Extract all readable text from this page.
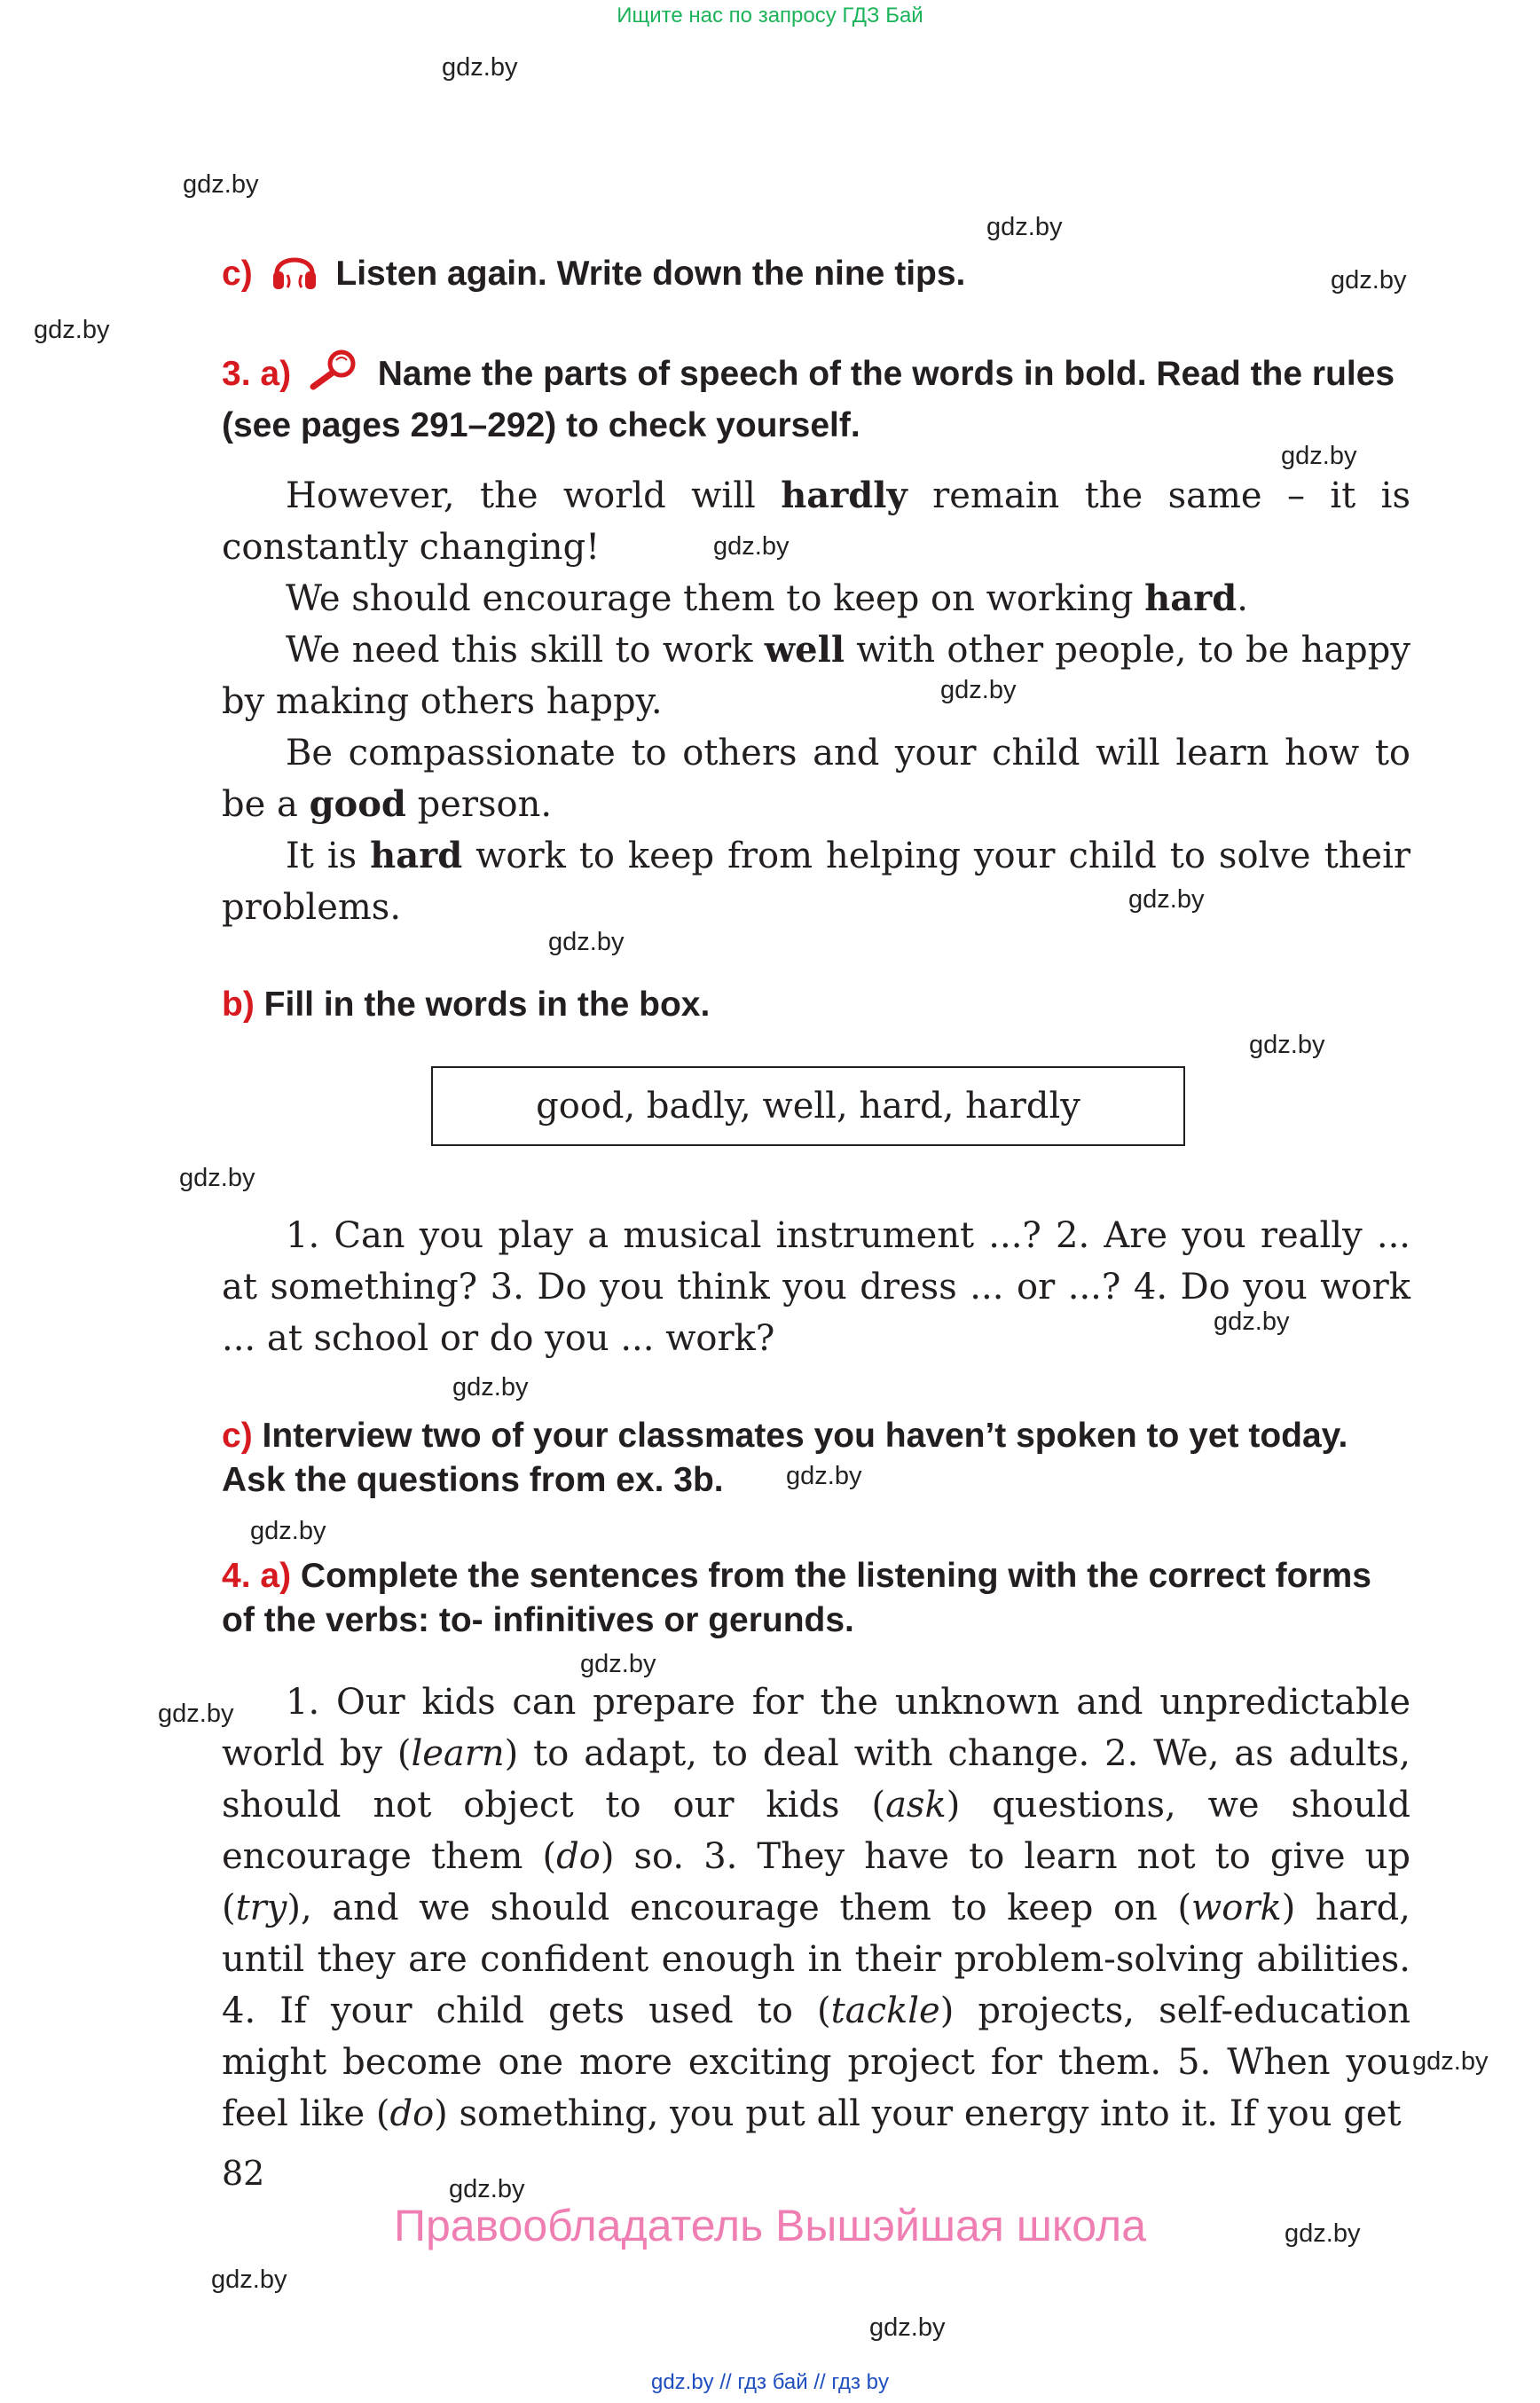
Ищите нас по запросу ГДЗ Бай
gdz.by
gdz.by
gdz.by
gdz.by
gdz.by
gdz.by
gdz.by
gdz.by
gdz.by
gdz.by
gdz.by
gdz.by
gdz.by
gdz.by
gdz.by
gdz.by
gdz.by
gdz.by
gdz.by
gdz.by
gdz.by
gdz.by
gdz.by
c) Listen again. Write down the nine tips.
3. a)	Name the parts of speech of the words in bold. Read the rules (see pages 291–292) to check yourself.

However, the world will hardly remain the same – it is constantly changing!

We should encourage them to keep on working hard.

We need this skill to work well with other people, to be happy by making others happy.

Be compassionate to others and your child will learn how to be a good person.

It is hard work to keep from helping your child to solve their problems.

b) Fill in the words in the box.
good, badly, well, hard, hardly

1. Can you play a musical instrument ...? 2. Are you really ... at something? 3. Do you think you dress ... or ...? 4. Do you work ... at school or do you ... work?

c) Interview two of your classmates you haven’t spoken to yet today. Ask the questions from ex. 3b.
4. a) Complete the sentences from the listening with the correct forms of the verbs: to- infinitives or gerunds.

1. Our kids can prepare for the unknown and unpredictable world by (learn) to adapt, to deal with change. 2. We, as adults, should not object to our kids (ask) questions, we should encourage them (do) so. 3. They have to learn not to give up (try), and we should encourage them to keep on (work) hard, until they are confident enough in their problem-solving abilities. 4. If your child gets used to (tackle) projects, self-education might become one more exciting project for them. 5. When you feel like (do) something, you put all your energy into it. If you get

82
Правообладатель Вышэйшая школа
gdz.by // гдз бай // гдз by
